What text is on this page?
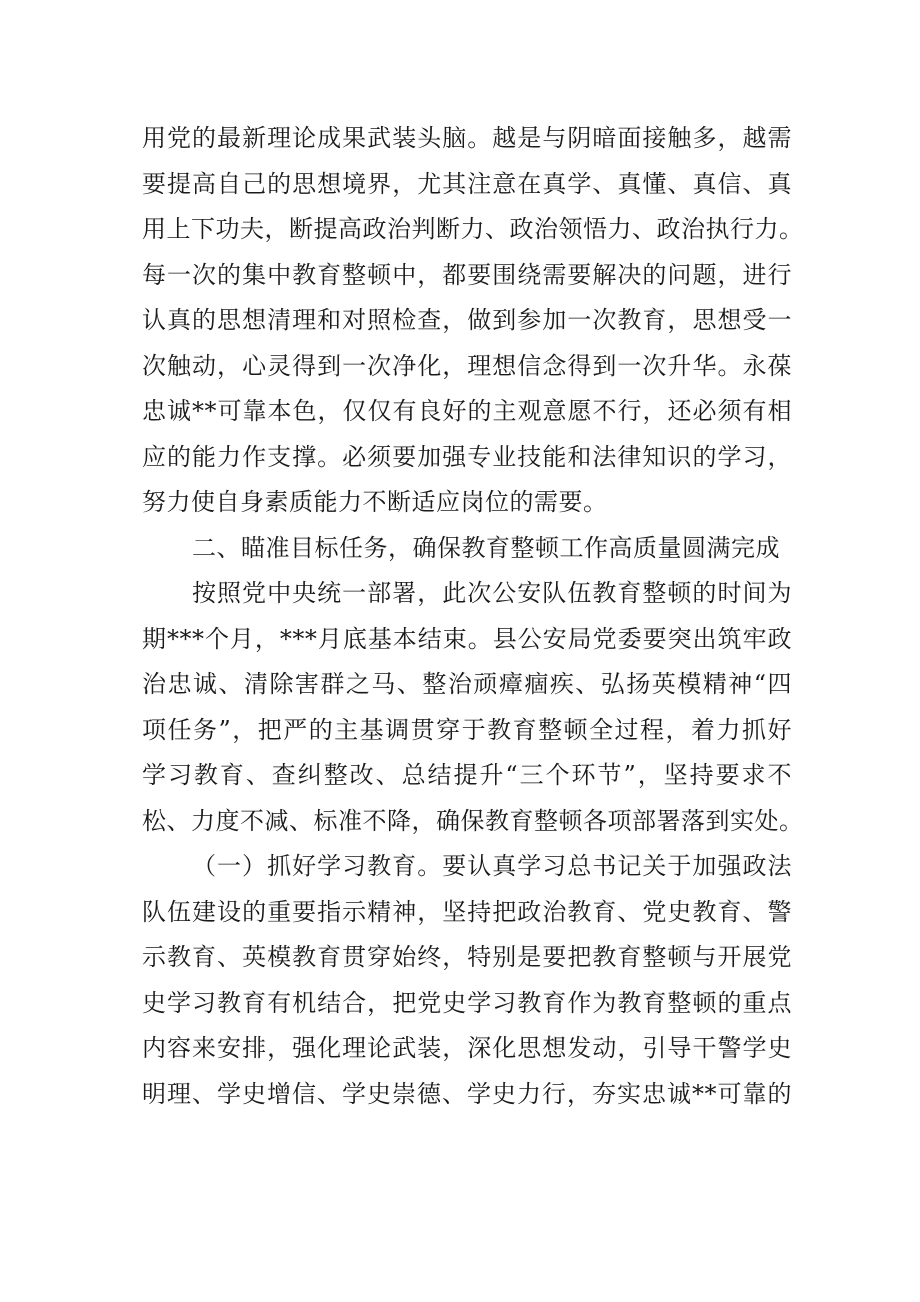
用党的最新理论成果武装头脑。越是与阴暗面接触多，越需
要提高自己的思想境界，尤其注意在真学、真懂、真信、真
用上下功夫，断提高政治判断力、政治领悟力、政治执行力。
每一次的集中教育整顿中，都要围绕需要解决的问题，进行
认真的思想清理和对照检查，做到参加一次教育，思想受一
次触动，心灵得到一次净化，理想信念得到一次升华。永葆
忠诚**可靠本色，仅仅有良好的主观意愿不行，还必须有相
应的能力作支撑。必须要加强专业技能和法律知识的学习，
努力使自身素质能力不断适应岗位的需要。
二、瞄准目标任务，确保教育整顿工作高质量圆满完成
按照党中央统一部署，此次公安队伍教育整顿的时间为
期***个月，***月底基本结束。县公安局党委要突出筑牢政
治忠诚、清除害群之马、整治顽瘴痼疾、弘扬英模精神“四
项任务”，把严的主基调贯穿于教育整顿全过程，着力抓好
学习教育、查纠整改、总结提升“三个环节”，坚持要求不
松、力度不减、标准不降，确保教育整顿各项部署落到实处。
（一）抓好学习教育。要认真学习总书记关于加强政法
队伍建设的重要指示精神，坚持把政治教育、党史教育、警
示教育、英模教育贯穿始终，特别是要把教育整顿与开展党
史学习教育有机结合，把党史学习教育作为教育整顿的重点
内容来安排，强化理论武装，深化思想发动，引导干警学史
明理、学史增信、学史崇德、学史力行，夯实忠诚**可靠的
